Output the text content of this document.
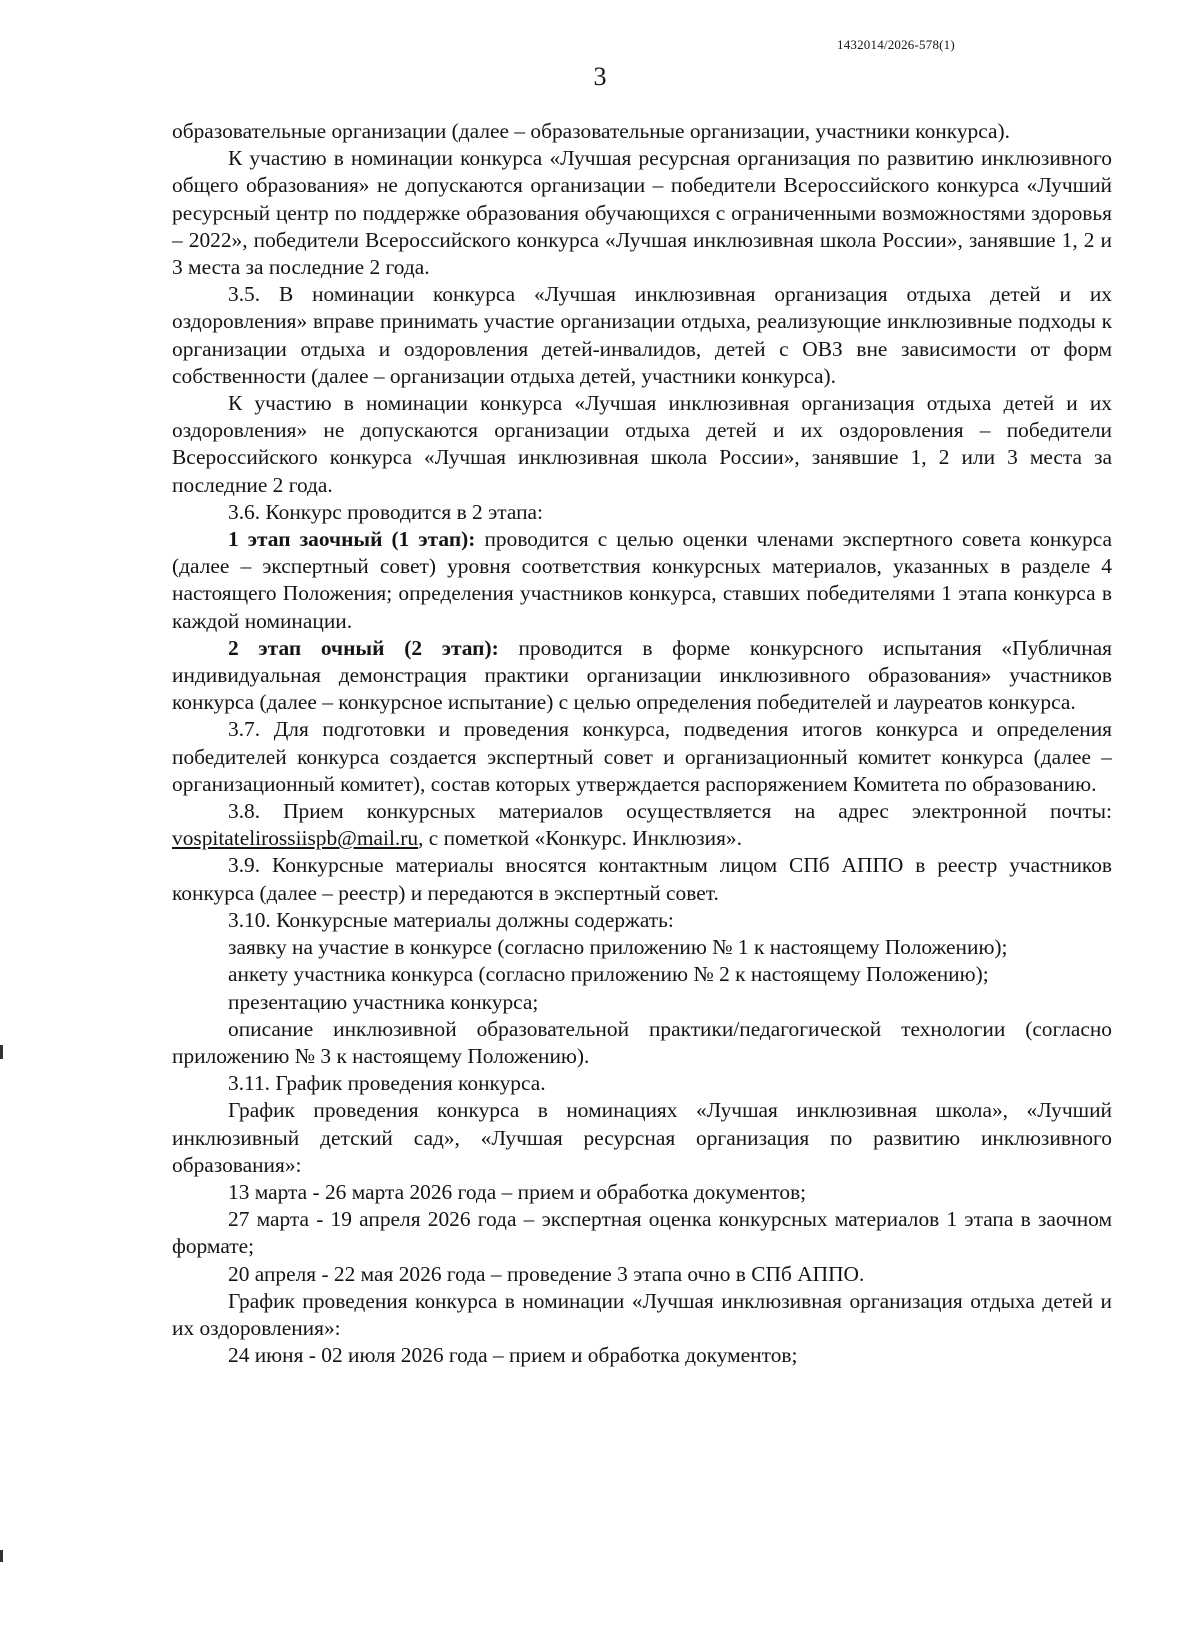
1432014/2026-578(1)
3

образовательные организации (далее – образовательные организации, участники конкурса).

К участию в номинации конкурса «Лучшая ресурсная организация по развитию инклюзивного общего образования» не допускаются организации – победители Всероссийского конкурса «Лучший ресурсный центр по поддержке образования обучающихся с ограниченными возможностями здоровья – 2022», победители Всероссийского конкурса «Лучшая инклюзивная школа России», занявшие 1, 2 и 3 места за последние 2 года.

3.5. В номинации конкурса «Лучшая инклюзивная организация отдыха детей и их оздоровления» вправе принимать участие организации отдыха, реализующие инклюзивные подходы к организации отдыха и оздоровления детей-инвалидов, детей с ОВЗ вне зависимости от форм собственности (далее – организации отдыха детей, участники конкурса).

К участию в номинации конкурса «Лучшая инклюзивная организация отдыха детей и их оздоровления» не допускаются организации отдыха детей и их оздоровления – победители Всероссийского конкурса «Лучшая инклюзивная школа России», занявшие 1, 2 или 3 места за последние 2 года.

3.6. Конкурс проводится в 2 этапа:

1 этап заочный (1 этап): проводится с целью оценки членами экспертного совета конкурса (далее – экспертный совет) уровня соответствия конкурсных материалов, указанных в разделе 4 настоящего Положения; определения участников конкурса, ставших победителями 1 этапа конкурса в каждой номинации.

2 этап очный (2 этап): проводится в форме конкурсного испытания «Публичная индивидуальная демонстрация практики организации инклюзивного образования» участников конкурса (далее – конкурсное испытание) с целью определения победителей и лауреатов конкурса.

3.7. Для подготовки и проведения конкурса, подведения итогов конкурса и определения победителей конкурса создается экспертный совет и организационный комитет конкурса (далее – организационный комитет), состав которых утверждается распоряжением Комитета по образованию.

3.8. Прием конкурсных материалов осуществляется на адрес электронной почты: vospitatelirossiispb@mail.ru, с пометкой «Конкурс. Инклюзия».

3.9. Конкурсные материалы вносятся контактным лицом СПб АППО в реестр участников конкурса (далее – реестр) и передаются в экспертный совет.

3.10. Конкурсные материалы должны содержать:

заявку на участие в конкурсе (согласно приложению № 1 к настоящему Положению);

анкету участника конкурса (согласно приложению № 2 к настоящему Положению);

презентацию участника конкурса;

описание инклюзивной образовательной практики/педагогической технологии (согласно приложению № 3 к настоящему Положению).

3.11. График проведения конкурса.

График проведения конкурса в номинациях «Лучшая инклюзивная школа», «Лучший инклюзивный детский сад», «Лучшая ресурсная организация по развитию инклюзивного образования»:

13 марта - 26 марта 2026 года – прием и обработка документов;

27 марта - 19 апреля 2026 года – экспертная оценка конкурсных материалов 1 этапа в заочном формате;

20 апреля - 22 мая 2026 года – проведение 3 этапа очно в СПб АППО.

График проведения конкурса в номинации «Лучшая инклюзивная организация отдыха детей и их оздоровления»:

24 июня - 02 июля 2026 года – прием и обработка документов;
